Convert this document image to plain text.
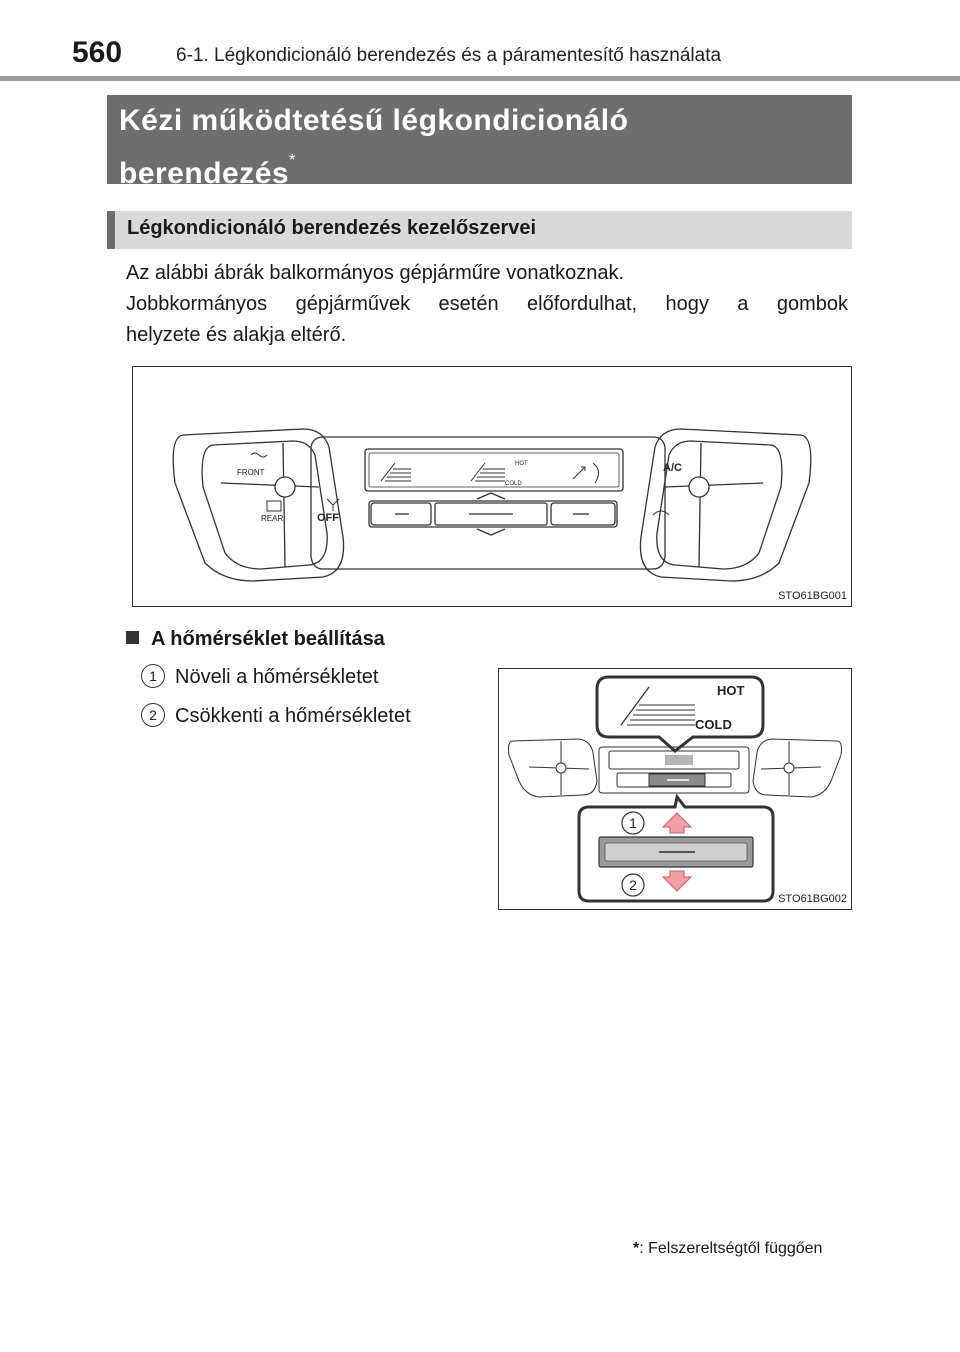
560	6-1. Légkondicionáló berendezés és a páramentesítő használata
Kézi működtetésű légkondicionáló
berendezés*
Légkondicionáló berendezés kezelőszervei

Az alábbi ábrák balkormányos gépjárműre vonatkoznak.

Jobbkormányos gépjárművek esetén előfordulhat, hogy a gombok

helyzete és alakja eltérő.

FRONT
REAR	OFF
A/C
HOT
COLD
STO61BG001
A hőmérséklet beállítása
1 Növeli a hőmérsékletet
2 Csökkenti a hőmérsékletet
HOT
COLD
1
2
STO61BG002
*: Felszereltségtől függően
